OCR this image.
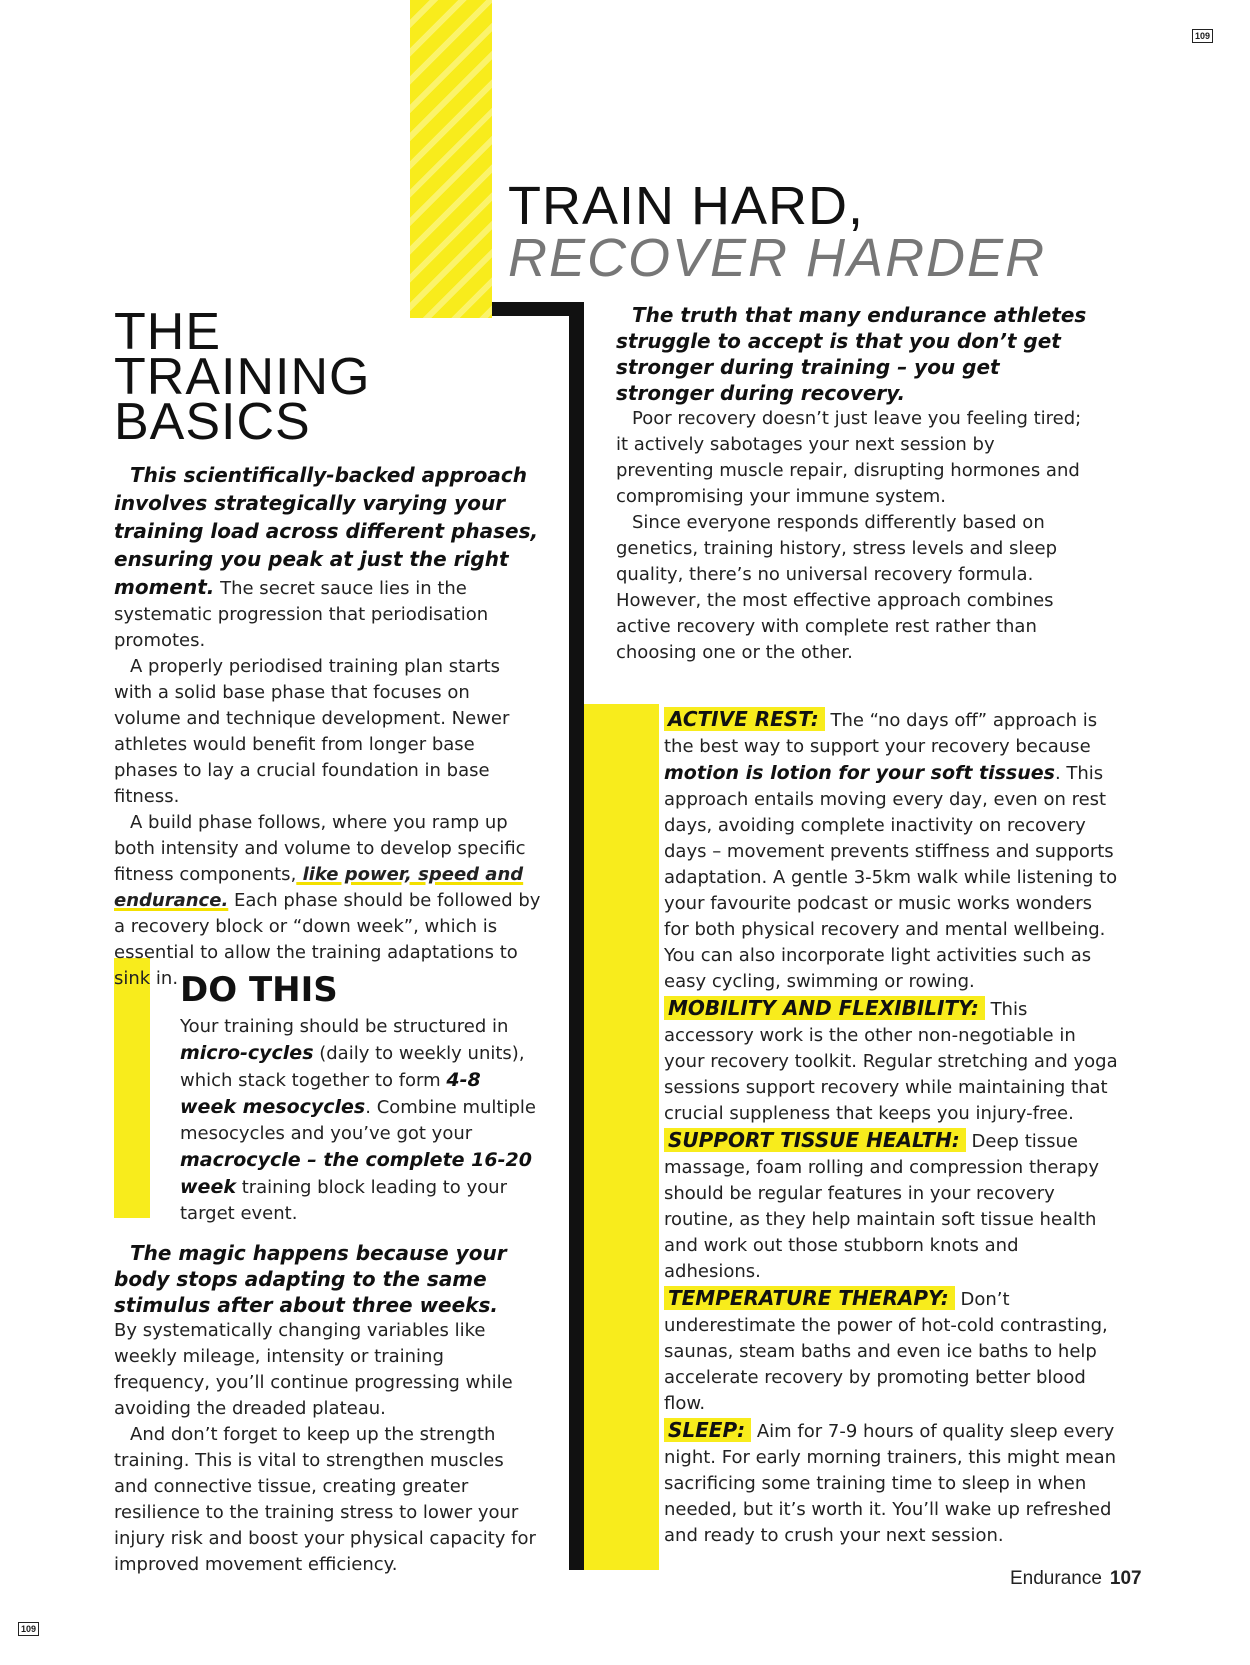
109
109
TRAIN HARD,
RECOVER HARDER
THE
TRAINING
BASICS

This scientifically-backed approach involves strategically varying your training load across different phases, ensuring you peak at just the right moment. The secret sauce lies in the systematic progression that periodisation promotes.

A properly periodised training plan starts with a solid base phase that focuses on volume and technique development. Newer athletes would benefit from longer base phases to lay a crucial foundation in base fitness.

A build phase follows, where you ramp up both intensity and volume to develop specific fitness components, like power, speed and endurance. Each phase should be followed by a recovery block or “down week”, which is essential to allow the training adaptations to sink in. DO THIS
Your training should be structured in micro-cycles (daily to weekly units), which stack together to form 4-8 week mesocycles. Combine multiple mesocycles and you’ve got your macrocycle – the complete 16-20 week training block leading to your target event.
The magic happens because your body stops adapting to the same stimulus after about three weeks.

By systematically changing variables like weekly mileage, intensity or training frequency, you’ll continue progressing while avoiding the dreaded plateau.

And don’t forget to keep up the strength training. This is vital to strengthen muscles and connective tissue, creating greater resilience to the training stress to lower your injury risk and boost your physical capacity for improved movement efficiency.

The truth that many endurance athletes struggle to accept is that you don’t get stronger during training – you get stronger during recovery.

Poor recovery doesn’t just leave you feeling tired; it actively sabotages your next session by preventing muscle repair, disrupting hormones and compromising your immune system.

Since everyone responds differently based on genetics, training history, stress levels and sleep quality, there’s no universal recovery formula. However, the most effective approach combines active recovery with complete rest rather than choosing one or the other.

ACTIVE REST: The “no days off” approach is the best way to support your recovery because motion is lotion for your soft tissues. This approach entails moving every day, even on rest days, avoiding complete inactivity on recovery days – movement prevents stiffness and supports adaptation. A gentle 3-5km walk while listening to your favourite podcast or music works wonders for both physical recovery and mental wellbeing. You can also incorporate light activities such as easy cycling, swimming or rowing.

MOBILITY AND FLEXIBILITY: This accessory work is the other non-negotiable in your recovery toolkit. Regular stretching and yoga sessions support recovery while maintaining that crucial suppleness that keeps you injury-free.

SUPPORT TISSUE HEALTH: Deep tissue massage, foam rolling and compression therapy should be regular features in your recovery routine, as they help maintain soft tissue health and work out those stubborn knots and adhesions.

TEMPERATURE THERAPY: Don’t underestimate the power of hot-cold contrasting, saunas, steam baths and even ice baths to help accelerate recovery by promoting better blood flow.

SLEEP: Aim for 7-9 hours of quality sleep every night. For early morning trainers, this might mean sacrificing some training time to sleep in when needed, but it’s worth it. You’ll wake up refreshed and ready to crush your next session.

Endurance 107
